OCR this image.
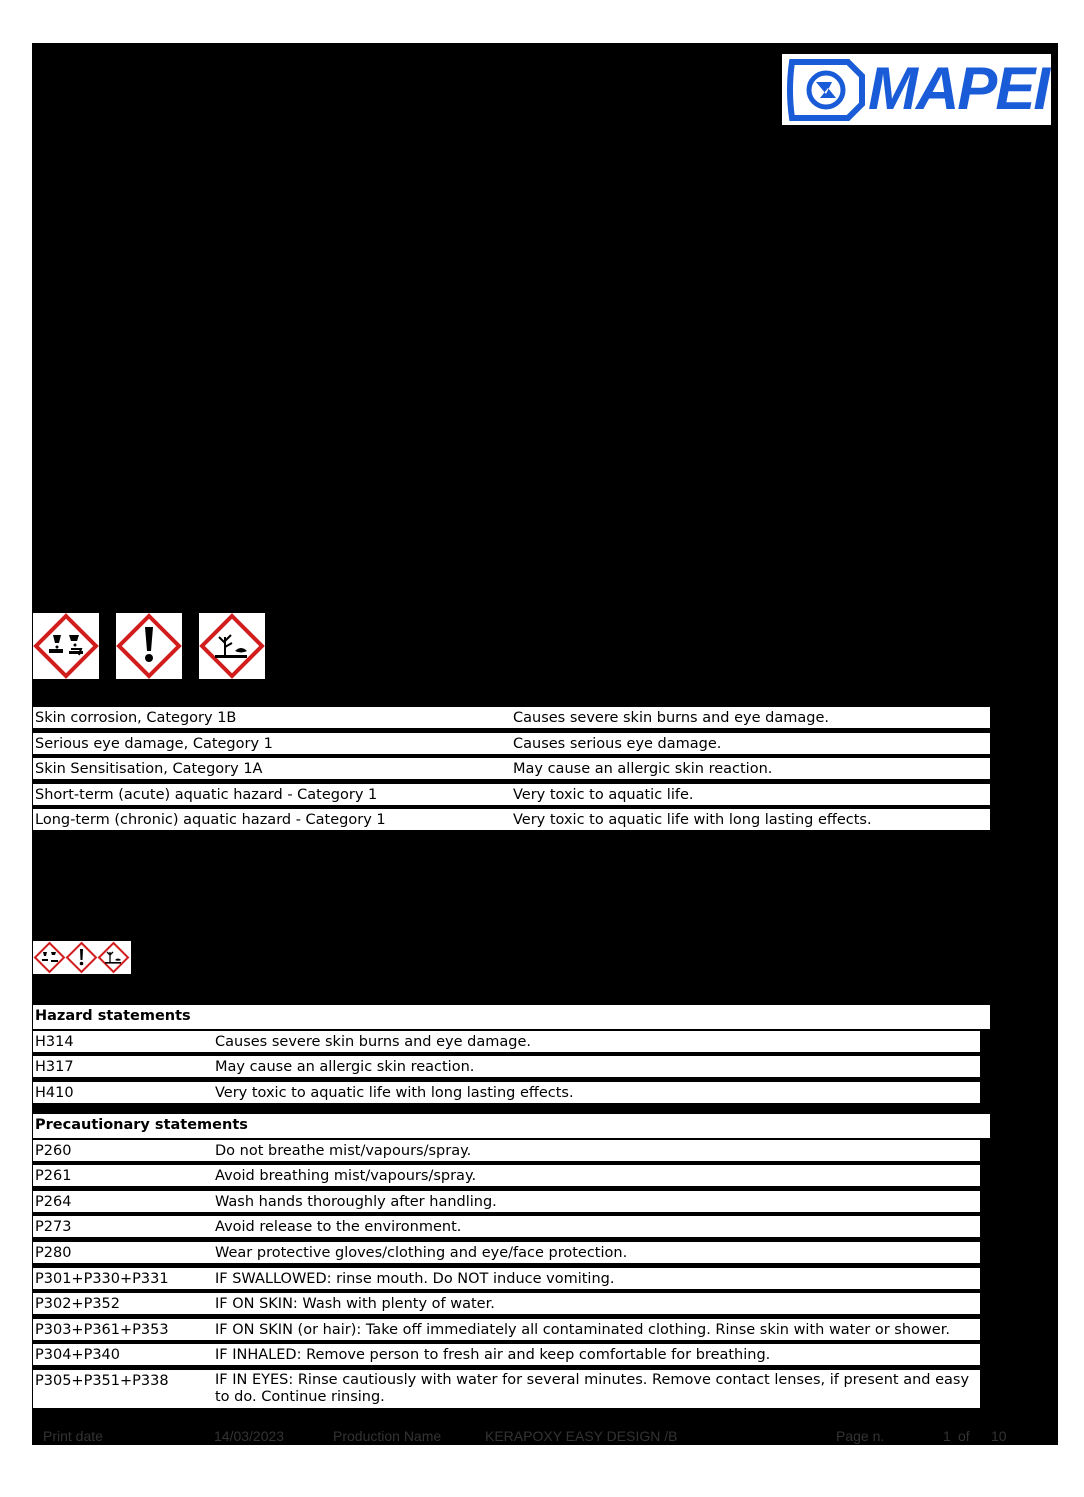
MAPEI
Skin corrosion, Category 1B	Causes severe skin burns and eye damage.
Serious eye damage, Category 1	Causes serious eye damage.
Skin Sensitisation, Category 1A	May cause an allergic skin reaction.
Short-term (acute) aquatic hazard - Category 1	Very toxic to aquatic life.
Long-term (chronic) aquatic hazard - Category 1	Very toxic to aquatic life with long lasting effects.
Hazard statements
H314	Causes severe skin burns and eye damage.
H317	May cause an allergic skin reaction.
H410	Very toxic to aquatic life with long lasting effects.
Precautionary statements
P260	Do not breathe mist/vapours/spray.
P261	Avoid breathing mist/vapours/spray.
P264	Wash hands thoroughly after handling.
P273	Avoid release to the environment.
P280	Wear protective gloves/clothing and eye/face protection.
P301+P330+P331	IF SWALLOWED: rinse mouth. Do NOT induce vomiting.
P302+P352	IF ON SKIN: Wash with plenty of water.
P303+P361+P353	IF ON SKIN (or hair): Take off immediately all contaminated clothing. Rinse skin with water or shower.
P304+P340	IF INHALED: Remove person to fresh air and keep comfortable for breathing.
P305+P351+P338	IF IN EYES: Rinse cautiously with water for several minutes. Remove contact lenses, if present and easy to do. Continue rinsing.
Print date	14/03/2023	Production Name	KERAPOXY EASY DESIGN /B	Page n.	1 of 10
